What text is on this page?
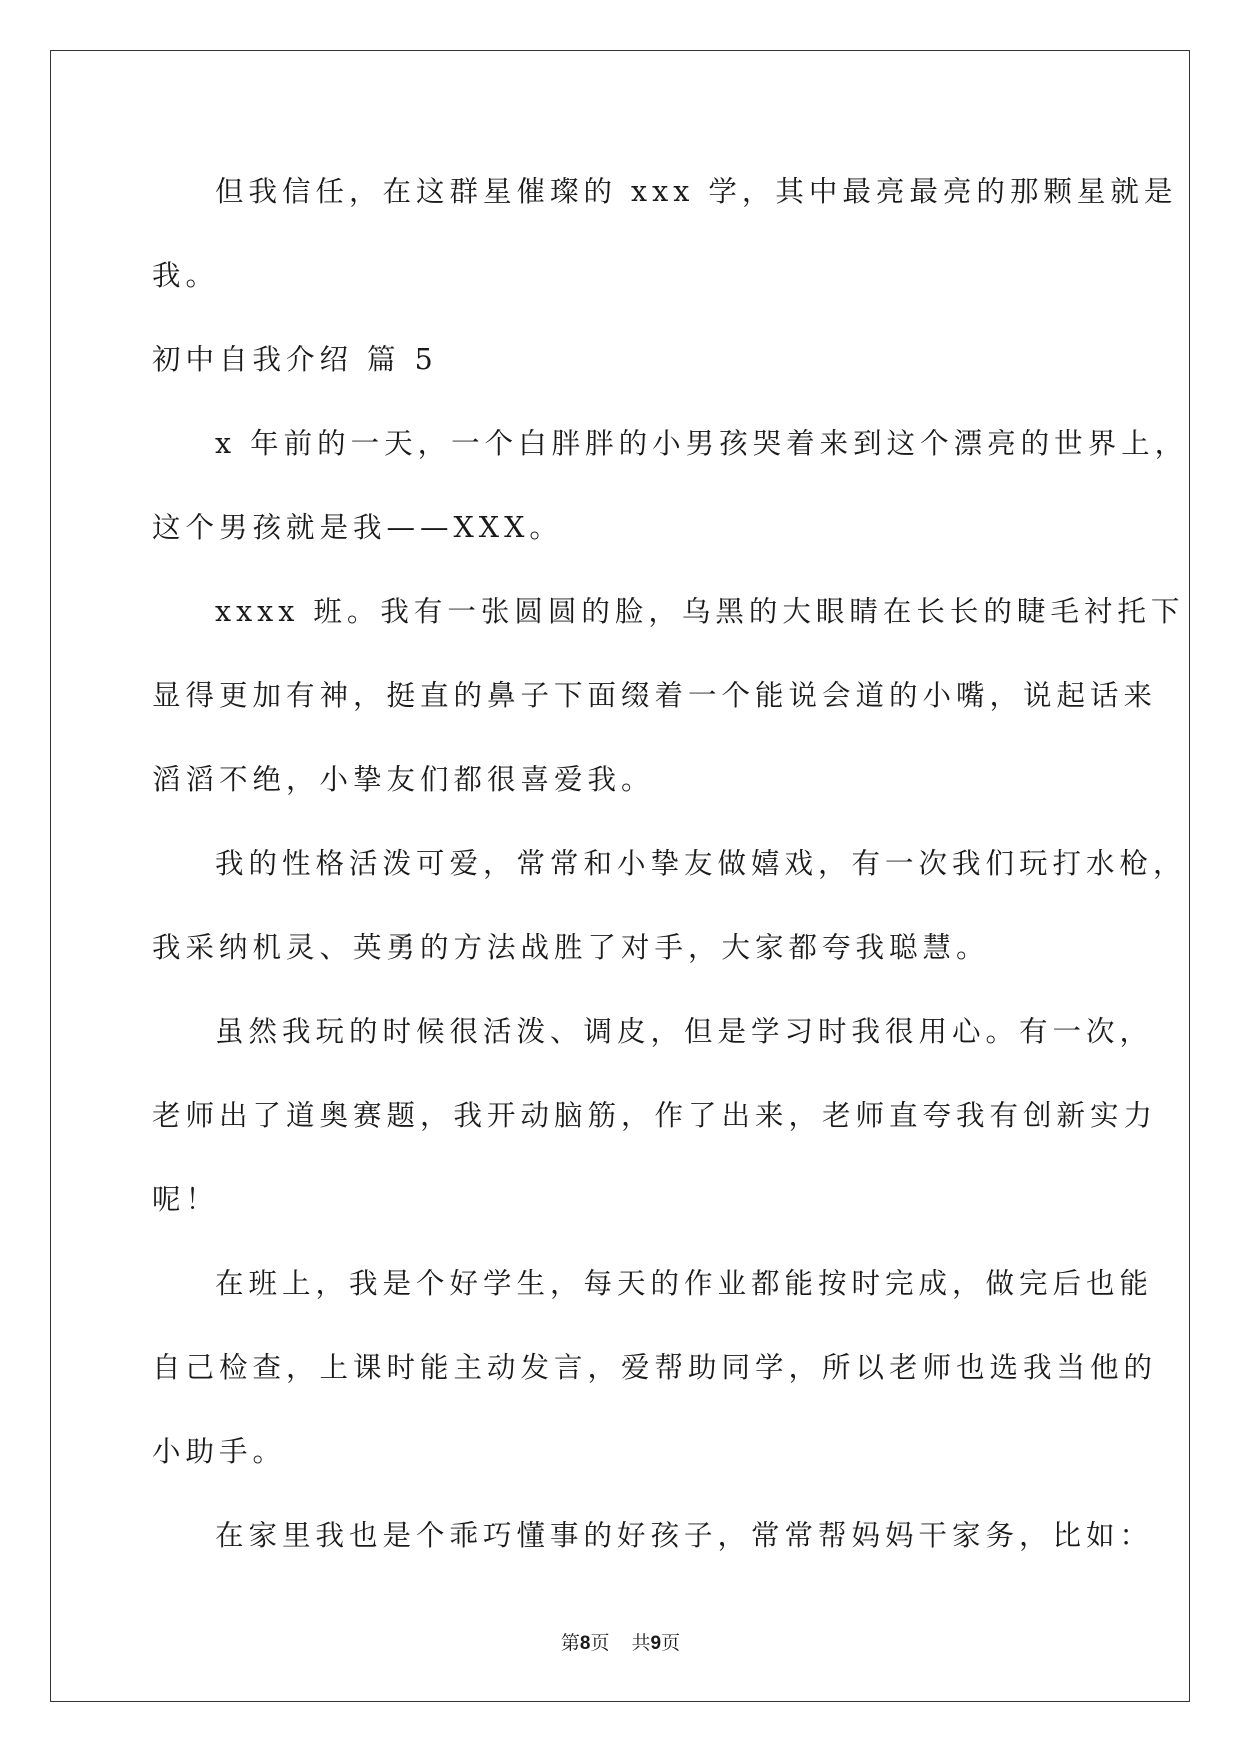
但我信任，在这群星催璨的 xxx 学，其中最亮最亮的那颗星就是
我。
初中自我介绍 篇 5
x 年前的一天，一个白胖胖的小男孩哭着来到这个漂亮的世界上，
这个男孩就是我——XXX。
xxxx 班。我有一张圆圆的脸，乌黑的大眼睛在长长的睫毛衬托下
显得更加有神，挺直的鼻子下面缀着一个能说会道的小嘴，说起话来
滔滔不绝，小挚友们都很喜爱我。
我的性格活泼可爱，常常和小挚友做嬉戏，有一次我们玩打水枪，
我采纳机灵、英勇的方法战胜了对手，大家都夸我聪慧。
虽然我玩的时候很活泼、调皮，但是学习时我很用心。有一次，
老师出了道奥赛题，我开动脑筋，作了出来，老师直夸我有创新实力
呢！
在班上，我是个好学生，每天的作业都能按时完成，做完后也能
自己检查，上课时能主动发言，爱帮助同学，所以老师也选我当他的
小助手。
在家里我也是个乖巧懂事的好孩子，常常帮妈妈干家务，比如：
第8页 共9页
